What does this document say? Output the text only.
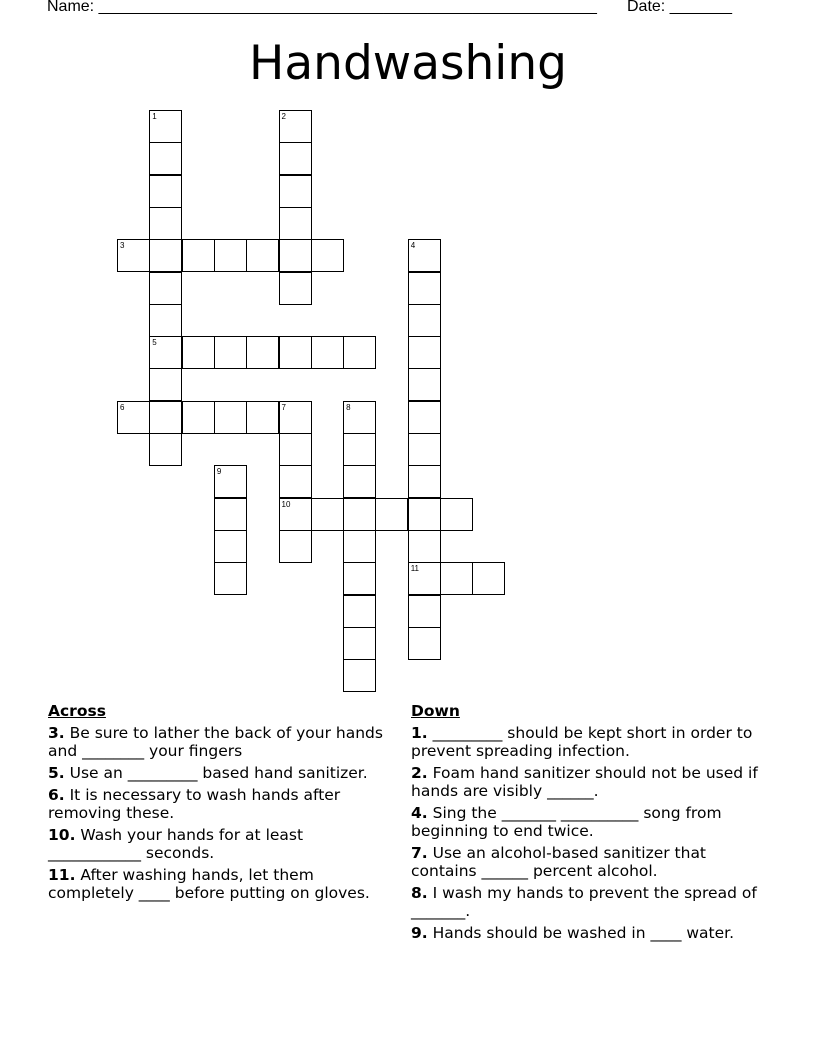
Name: ________________________________________________________ Date: _______
Handwashing
1
5
2
3	4
11
6	7
10
8
9
Across
3. Be sure to lather the back of your hands and ________ your fingers
5. Use an _________ based hand sanitizer.
6. It is necessary to wash hands after removing these.
10. Wash your hands for at least ____________ seconds.
11. After washing hands, let them completely ____ before putting on gloves.
Down
1. _________ should be kept short in order to prevent spreading infection.
2. Foam hand sanitizer should not be used if hands are visibly ______.
4. Sing the _______ __________ song from beginning to end twice.
7. Use an alcohol-based sanitizer that contains ______ percent alcohol.
8. I wash my hands to prevent the spread of _______.
9. Hands should be washed in ____ water.
